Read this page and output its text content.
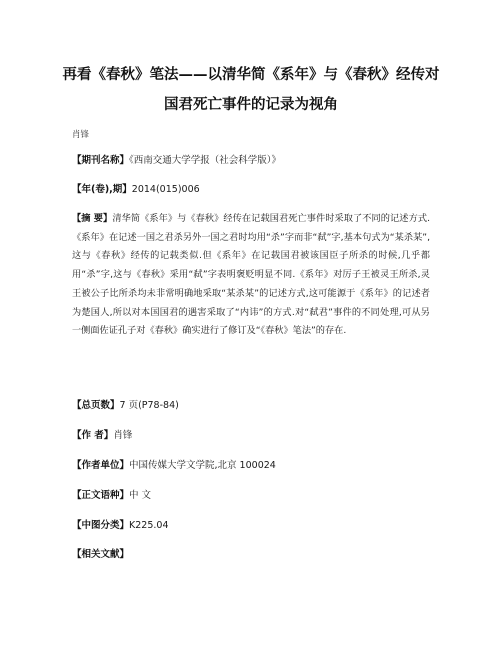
再看《春秋》笔法——以清华简《系年》与《春秋》经传对
国君死亡事件的记录为视角
肖锋
【期刊名称】《西南交通大学学报（社会科学版）》
【年(卷),期】2014(015)006
【摘 要】清华简《系年》与《春秋》经传在记载国君死亡事件时采取了不同的记述方式.《系年》在记述一国之君杀另外一国之君时均用“杀”字而非“弑”字,基本句式为“某杀某”,这与《春秋》经传的记载类似.但《系年》在记载国君被该国臣子所杀的时候,几乎都用“杀”字,这与《春秋》采用“弑”字表明褒贬明显不同.《系年》对厉子王被灵王所杀,灵王被公子比所杀均未非常明确地采取“某杀某”的记述方式,这可能源于《系年》的记述者为楚国人,所以对本国国君的遇害采取了“内讳”的方式.对“弑君”事件的不同处理,可从另一侧面佐证孔子对《春秋》确实进行了修订及“《春秋》笔法”的存在.
【总页数】7 页(P78-84)
【作 者】肖锋
【作者单位】中国传媒大学文学院,北京 100024
【正文语种】中 文
【中图分类】K225.04
【相关文献】
